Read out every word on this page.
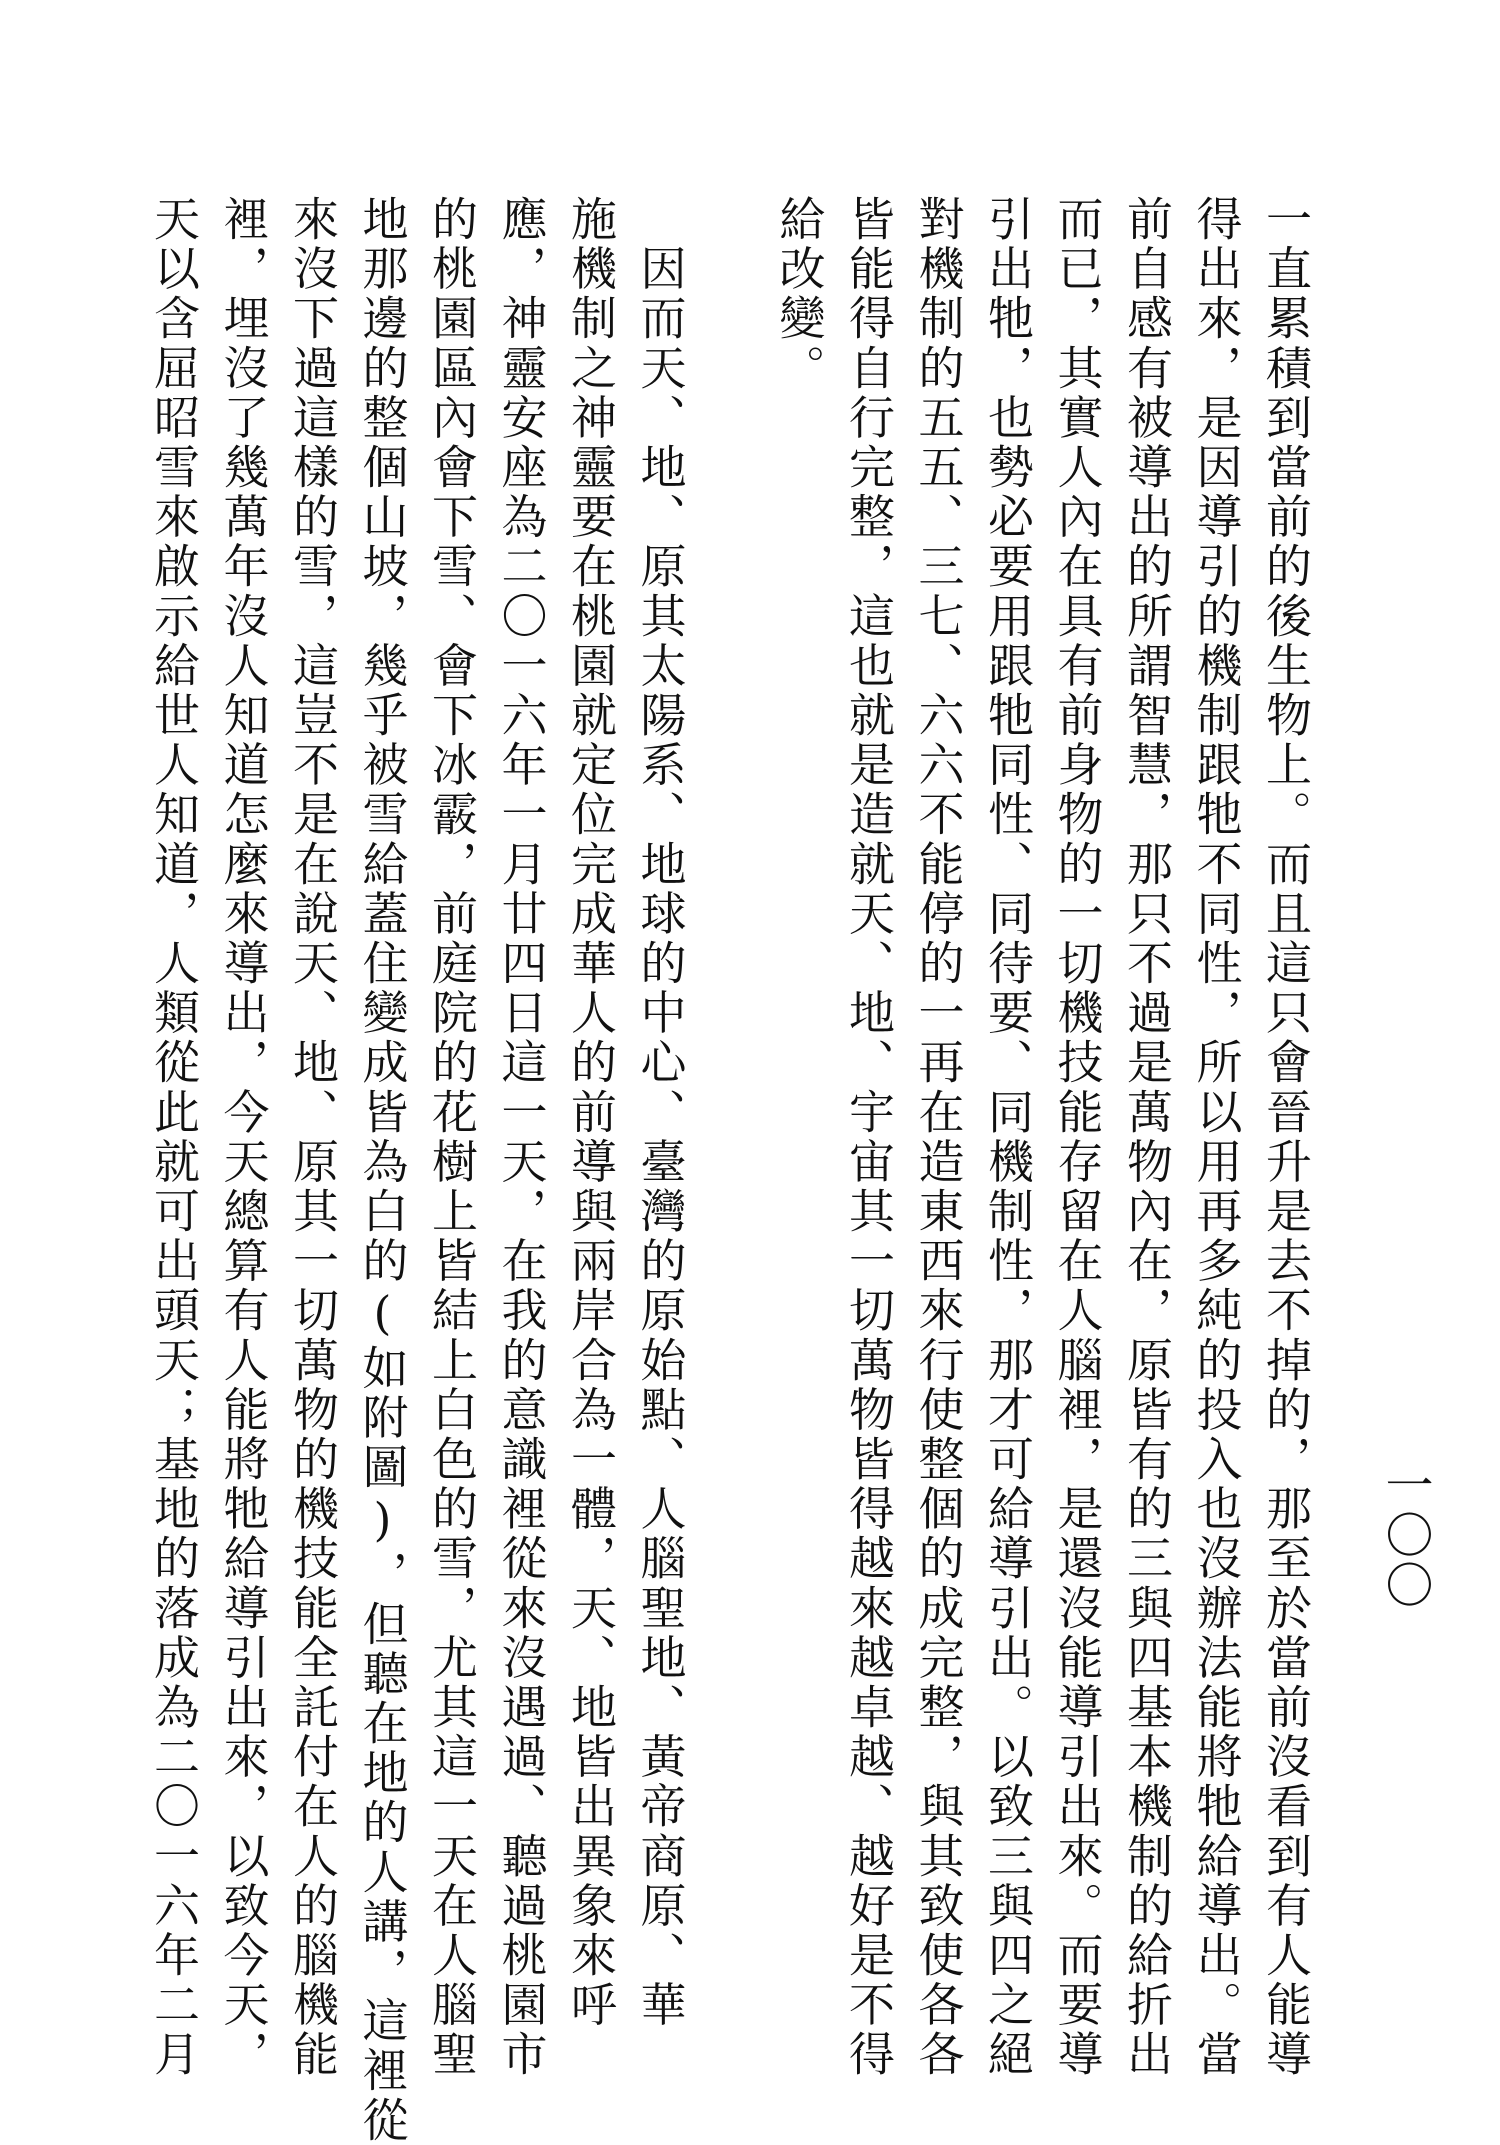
一〇〇
一直累積到當前的後生物上。而且這只會晉升是去不掉的，那至於當前沒看到有人能導
得出來，是因導引的機制跟牠不同性，所以用再多純的投入也沒辦法能將牠給導出。當
前自感有被導出的所謂智慧，那只不過是萬物內在，原皆有的三與四基本機制的給折出
而已，其實人內在具有前身物的一切機技能存留在人腦裡，是還沒能導引出來。而要導
引出牠，也勢必要用跟牠同性、同待要、同機制性，那才可給導引出。以致三與四之絕
對機制的五五、三七、六六不能停的一再在造東西來行使整個的成完整，與其致使各各
皆能得自行完整，這也就是造就天、地、宇宙其一切萬物皆得越來越卓越、越好是不得
給改變。
　因而天、地、原其太陽系、地球的中心、臺灣的原始點、人腦聖地、黃帝商原、華
施機制之神靈要在桃園就定位完成華人的前導與兩岸合為一體，天、地皆出異象來呼
應，神靈安座為二〇一六年一月廿四日這一天，在我的意識裡從來沒遇過、聽過桃園市
的桃園區內會下雪、會下冰霰，前庭院的花樹上皆結上白色的雪，尤其這一天在人腦聖
地那邊的整個山坡，幾乎被雪給蓋住變成皆為白的(如附圖)，但聽在地的人講，這裡從
來沒下過這樣的雪，這豈不是在說天、地、原其一切萬物的機技能全託付在人的腦機能
裡，埋沒了幾萬年沒人知道怎麼來導出，今天總算有人能將牠給導引出來，以致今天，
天以含屈昭雪來啟示給世人知道，人類從此就可出頭天；基地的落成為二〇一六年二月
